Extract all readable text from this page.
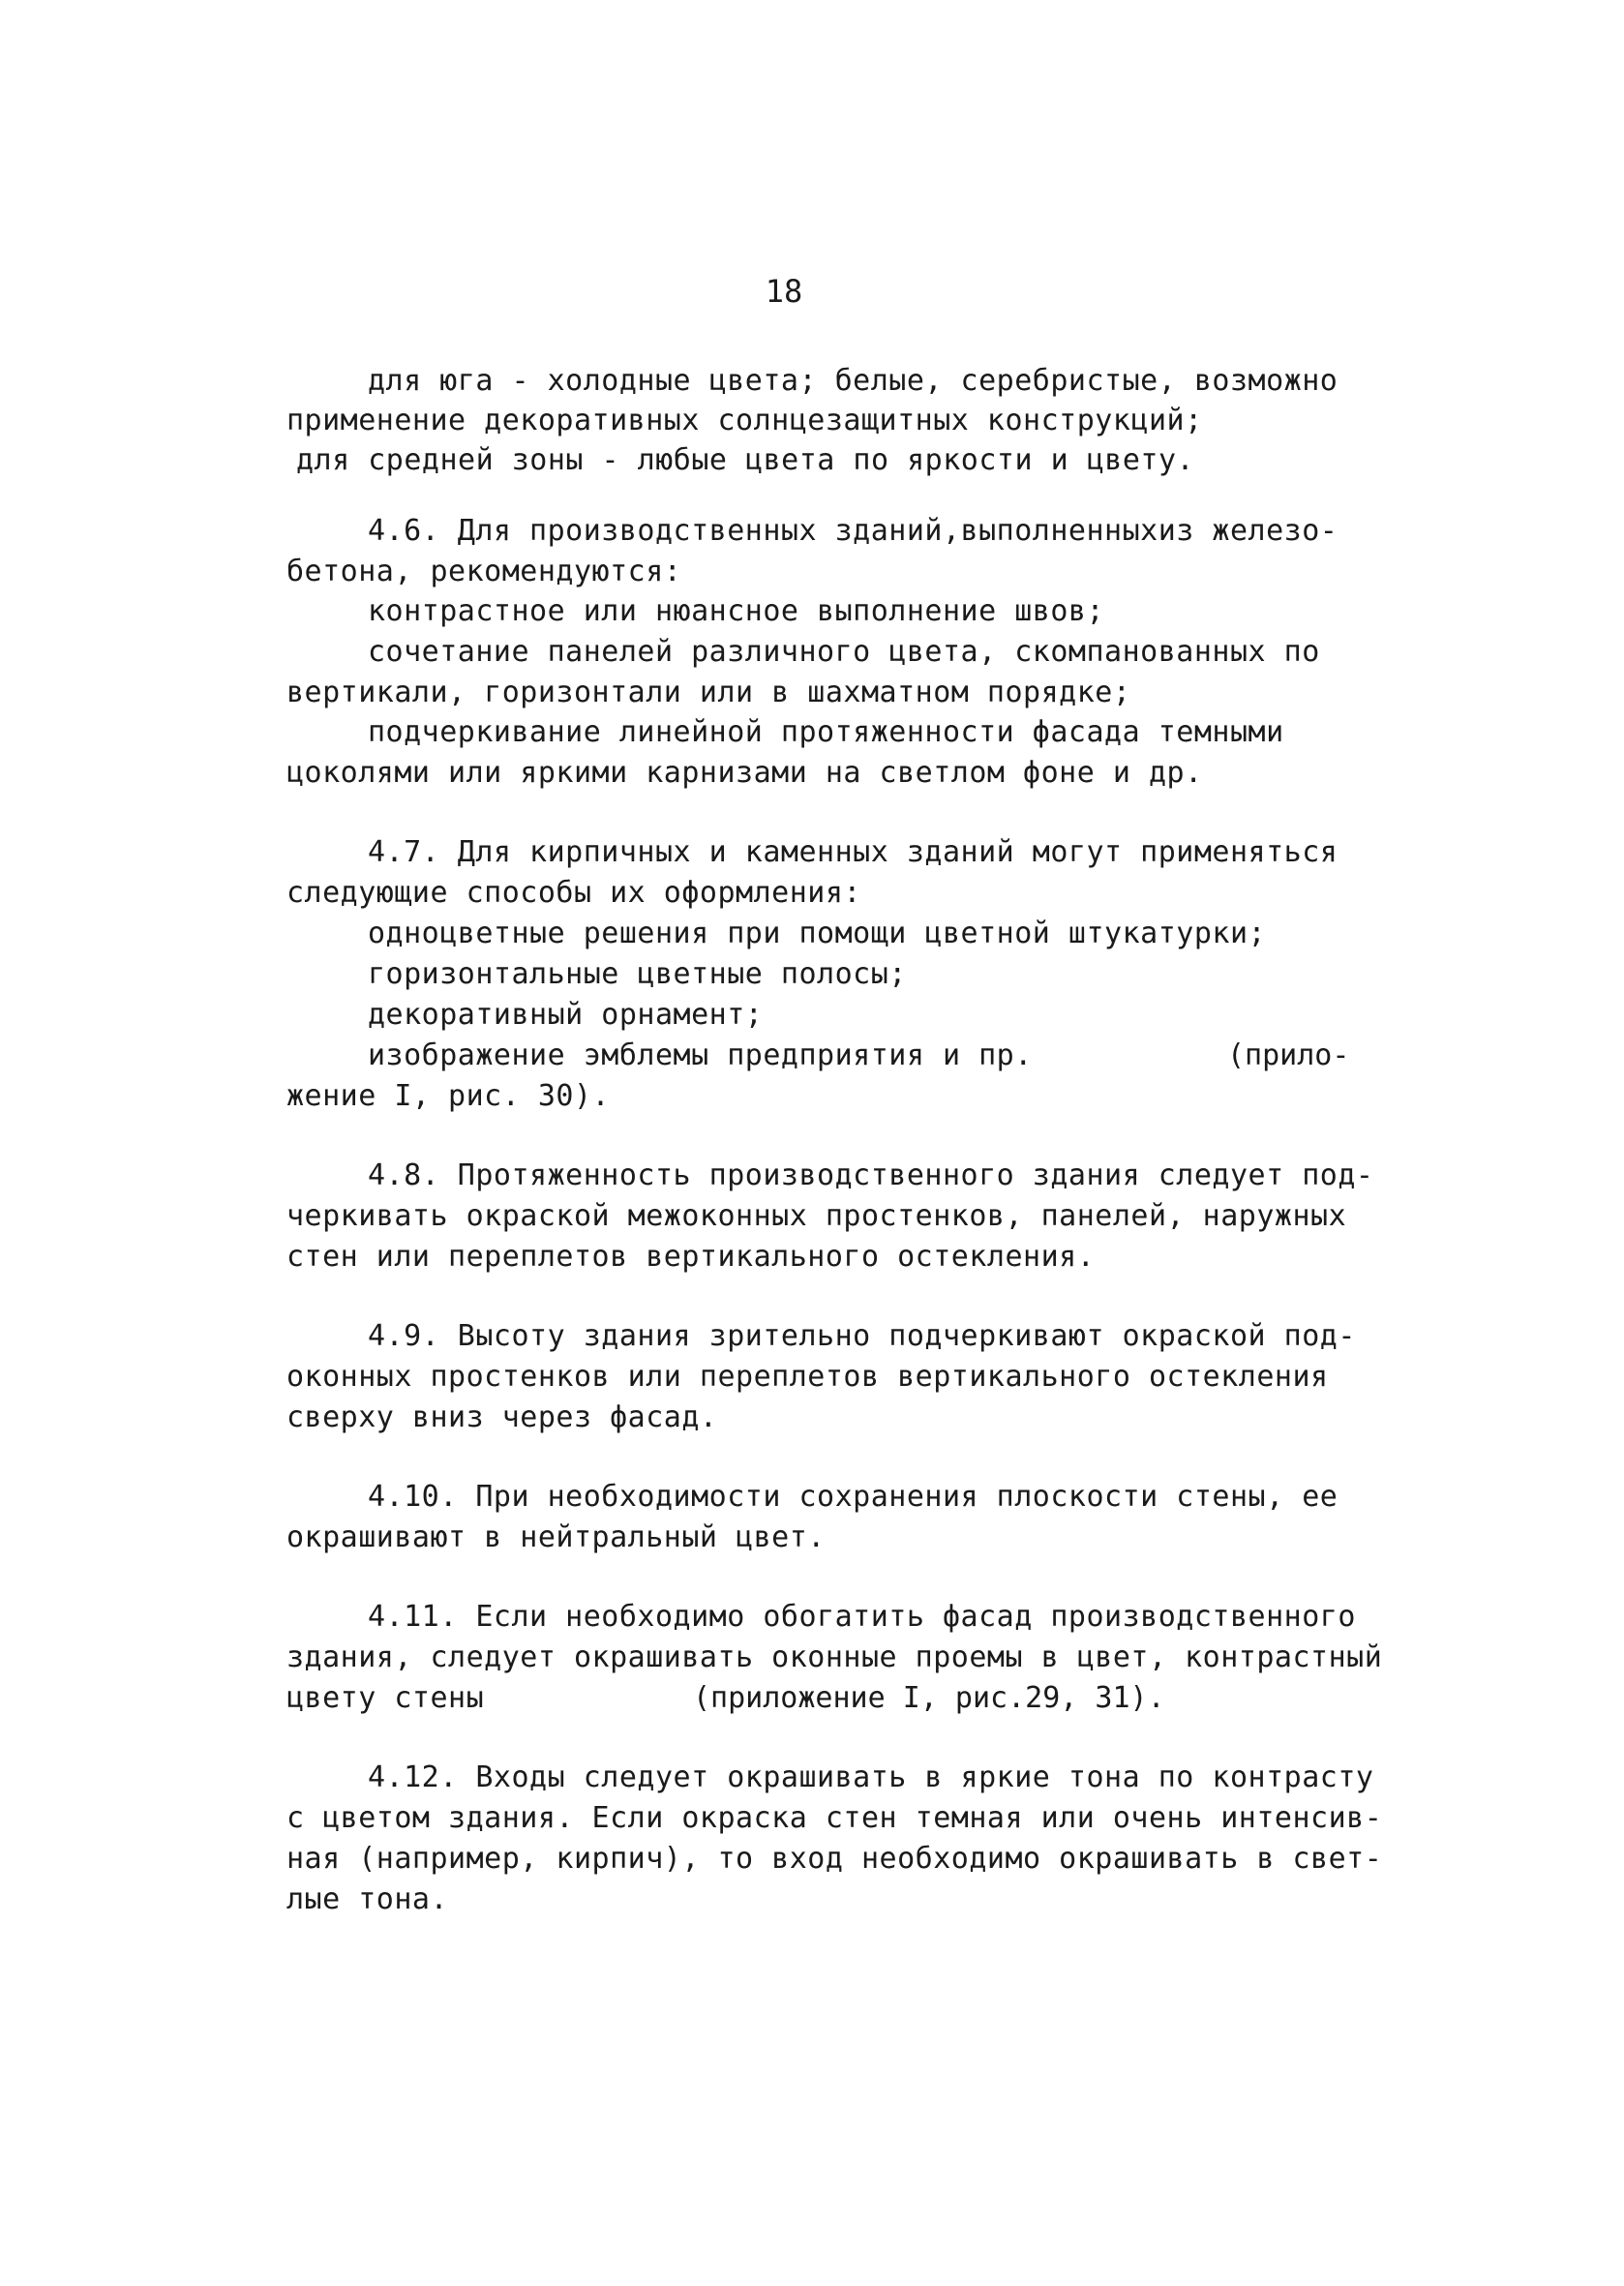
18
для юга - холодные цвета; белые, серебристые, возможно
применение декоративных солнцезащитных конструкций;
для средней зоны - любые цвета по яркости и цвету.
4.6. Для производственных зданий,выполненныхиз железо-
бетона, рекомендуются:
контрастное или нюансное выполнение швов;
сочетание панелей различного цвета, скомпанованных по
вертикали, горизонтали или в шахматном порядке;
подчеркивание линейной протяженности фасада темными
цоколями или яркими карнизами на светлом фоне и др.
4.7. Для кирпичных и каменных зданий могут применяться
следующие способы их оформления:
одноцветные решения при помощи цветной штукатурки;
горизонтальные цветные полосы;
декоративный орнамент;
изображение эмблемы предприятия и пр.	(прило-
жение I, рис. 30).
4.8. Протяженность производственного здания следует под-
черкивать окраской межоконных простенков, панелей, наружных
стен или переплетов вертикального остекления.
4.9. Высоту здания зрительно подчеркивают окраской под-
оконных простенков или переплетов вертикального остекления
сверху вниз через фасад.
4.10. При необходимости сохранения плоскости стены, ее
окрашивают в нейтральный цвет.
4.11. Если необходимо обогатить фасад производственного
здания, следует окрашивать оконные проемы в цвет, контрастный
цвету стены	(приложение I, рис.29, 31).
4.12. Входы следует окрашивать в яркие тона по контрасту
с цветом здания. Если окраска стен темная или очень интенсив-
ная (например, кирпич), то вход необходимо окрашивать в свет-
лые тона.
